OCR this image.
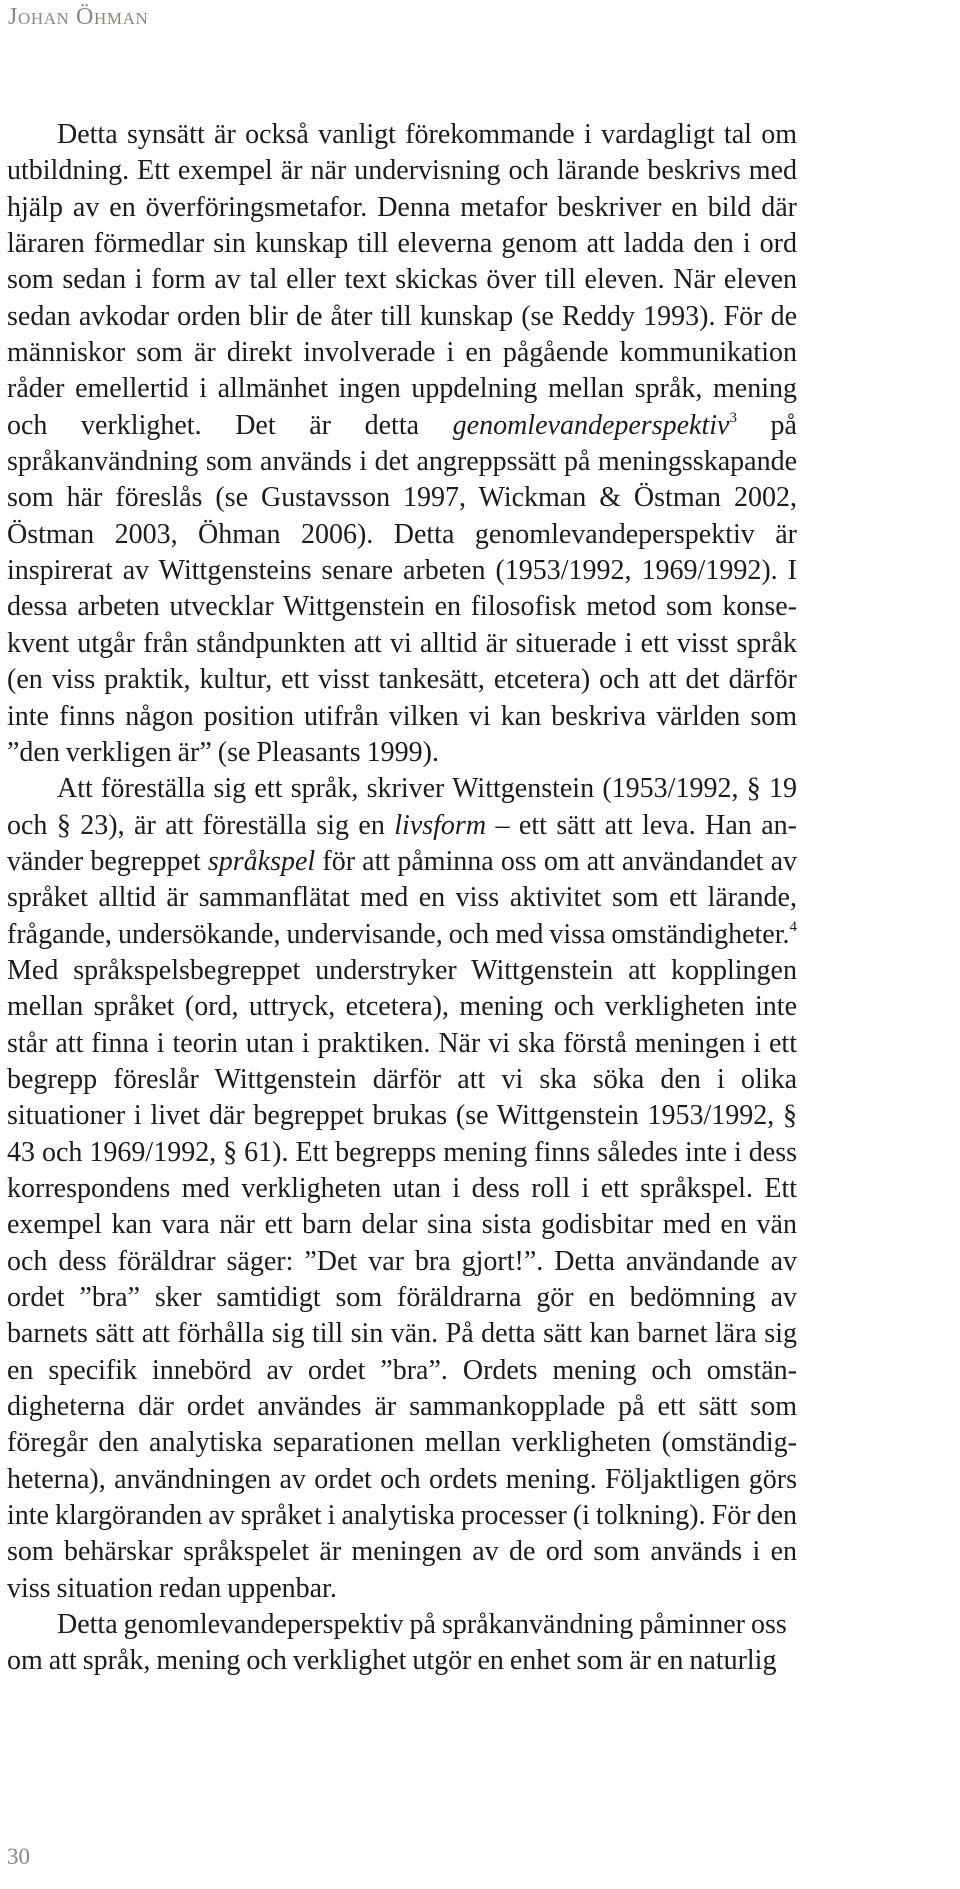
Johan Öhman

Detta synsätt är också vanligt förekommande i vardagligt tal om utbildning. Ett exempel är när undervisning och lärande beskrivs med hjälp av en överföringsmetafor. Denna metafor beskriver en bild där läraren förmedlar sin kunskap till eleverna genom att ladda den i ord som sedan i form av tal eller text skickas över till eleven. När eleven sedan avkodar orden blir de åter till kunskap (se Reddy 1993). För de människor som är direkt involverade i en pågående kommunikation råder emellertid i allmänhet ingen uppdelning mellan språk, mening och verklighet. Det är detta genomlevandeperspektiv$^3$ på språkanvändning som används i det angreppssätt på meningsskapande som här föreslås (se Gustavsson 1997, Wickman & Östman 2002, Östman 2003, Öhman 2006). Detta genomlevandeperspektiv är inspirerat av Wittgensteins senare arbeten (1953/1992, 1969/1992). I dessa arbeten utvecklar Wittgenstein en filosofisk metod som konsekvent utgår från ståndpunkten att vi alltid är situerade i ett visst språk (en viss praktik, kultur, ett visst tankesätt, etcetera) och att det därför inte finns någon position utifrån vilken vi kan beskriva världen som ”den verkligen är” (se Pleasants 1999).

Att föreställa sig ett språk, skriver Wittgenstein (1953/1992, § 19 och § 23), är att föreställa sig en livsform – ett sätt att leva. Han använder begreppet språkspel för att påminna oss om att användandet av språket alltid är sammanflätat med en viss aktivitet som ett lärande, frågande, undersökande, undervisande, och med vissa omständigheter.$^4$ Med språkspelsbegreppet understryker Wittgenstein att kopplingen mellan språket (ord, uttryck, etcetera), mening och verkligheten inte står att finna i teorin utan i praktiken. När vi ska förstå meningen i ett begrepp föreslår Wittgenstein därför att vi ska söka den i olika situationer i livet där begreppet brukas (se Wittgenstein 1953/1992, § 43 och 1969/1992, § 61). Ett begrepps mening finns således inte i dess korrespondens med verkligheten utan i dess roll i ett språkspel. Ett exempel kan vara när ett barn delar sina sista godisbitar med en vän och dess föräldrar säger: ”Det var bra gjort!”. Detta användande av ordet ”bra” sker samtidigt som föräldrarna gör en bedömning av barnets sätt att förhålla sig till sin vän. På detta sätt kan barnet lära sig en specifik innebörd av ordet ”bra”. Ordets mening och omständigheterna där ordet användes är sammankopplade på ett sätt som föregår den analytiska separationen mellan verkligheten (omständigheterna), användningen av ordet och ordets mening. Följaktligen görs inte klargöranden av språket i analytiska processer (i tolkning). För den som behärskar språkspelet är meningen av de ord som används i en viss situation redan uppenbar.

Detta genomlevandeperspektiv på språkanvändning påminner oss om att språk, mening och verklighet utgör en enhet som är en naturlig

30
